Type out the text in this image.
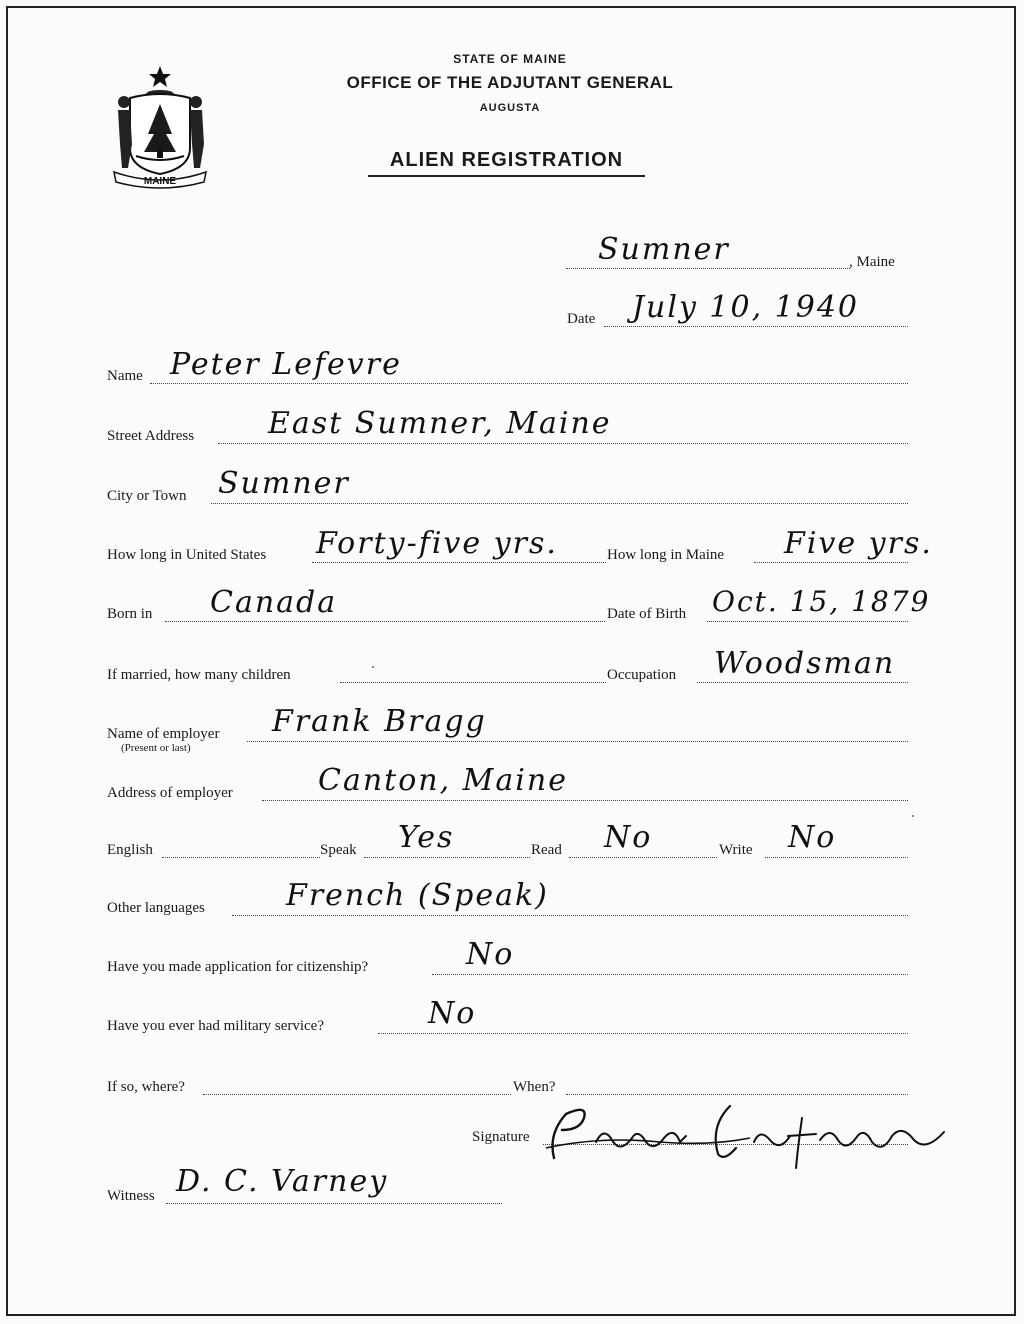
MAINE
STATE OF MAINE
OFFICE OF THE ADJUTANT GENERAL
AUGUSTA
ALIEN REGISTRATION
Sumner	, Maine
Date July 10, 1940
Name Peter Lefevre
Street Address East Sumner, Maine
City or Town Sumner
How long in United States Forty-five yrs.	How long in Maine Five yrs.
Born in Canada	Date of Birth Oct. 15, 1879
If married, how many children	Occupation Woodsman
Name of employer
(Present or last)
Frank Bragg
Address of employer	Canton, Maine
English	Speak Yes	Read No	Write No
Other languages	French (Speak)
Have you made application for citizenship?	No
Have you ever had military service?	No
If so, where?	When?
Signature
Peter Lafevre
Witness D. C. Varney
